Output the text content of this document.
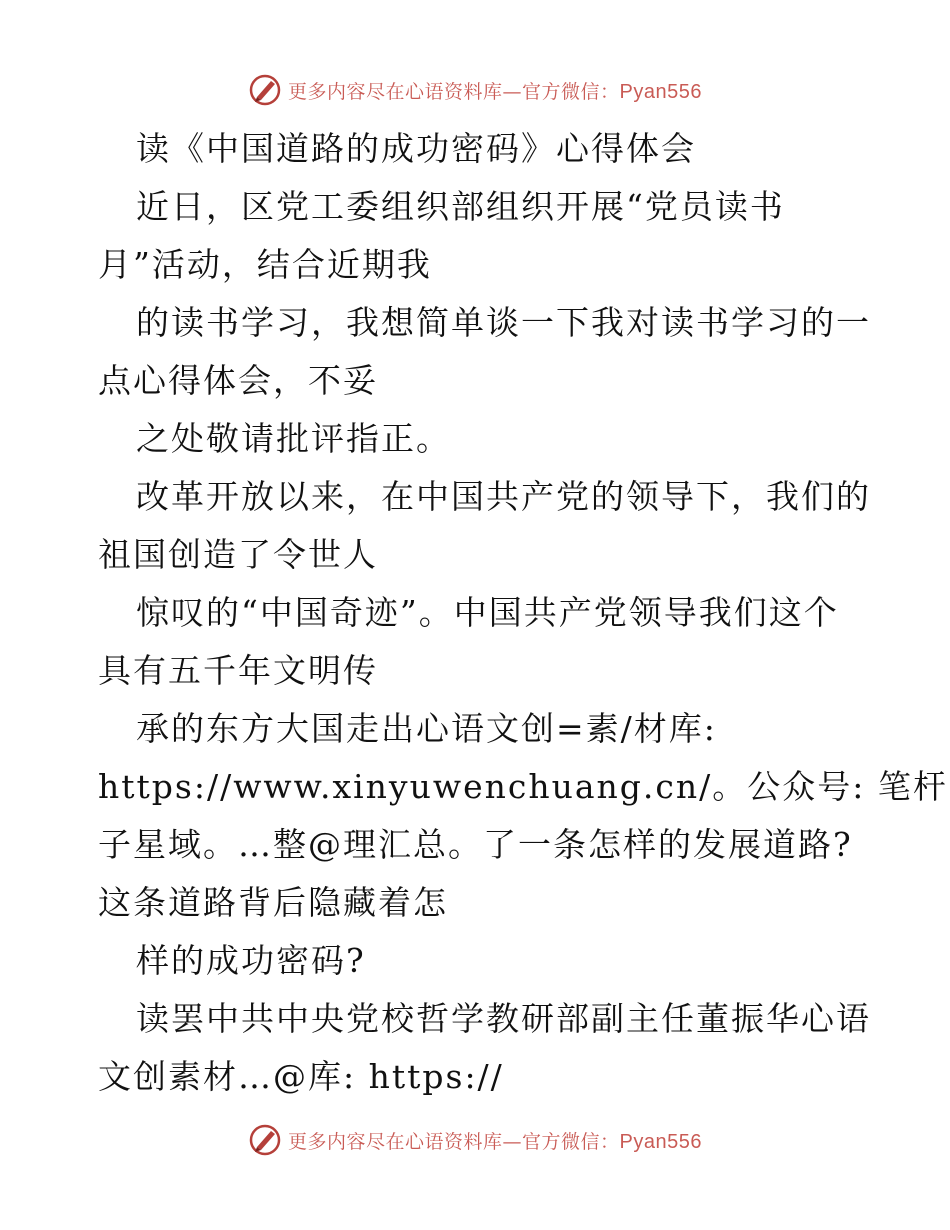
更多内容尽在心语资料库—官方微信：Pyan556
读《中国道路的成功密码》心得体会
近日，区党工委组织部组织开展“党员读书
月”活动，结合近期我
的读书学习，我想简单谈一下我对读书学习的一
点心得体会，不妥
之处敬请批评指正。
改革开放以来，在中国共产党的领导下，我们的
祖国创造了令世人
惊叹的“中国奇迹”。中国共产党领导我们这个
具有五千年文明传
承的东方大国走出心语文创=素/材库:
https://www.xinyuwenchuang.cn/。公众号: 笔杆
子星域。…整@理汇总。了一条怎样的发展道路?
这条道路背后隐藏着怎
样的成功密码?
读罢中共中央党校哲学教研部副主任董振华心语
文创素材…@库: https://
更多内容尽在心语资料库—官方微信：Pyan556
